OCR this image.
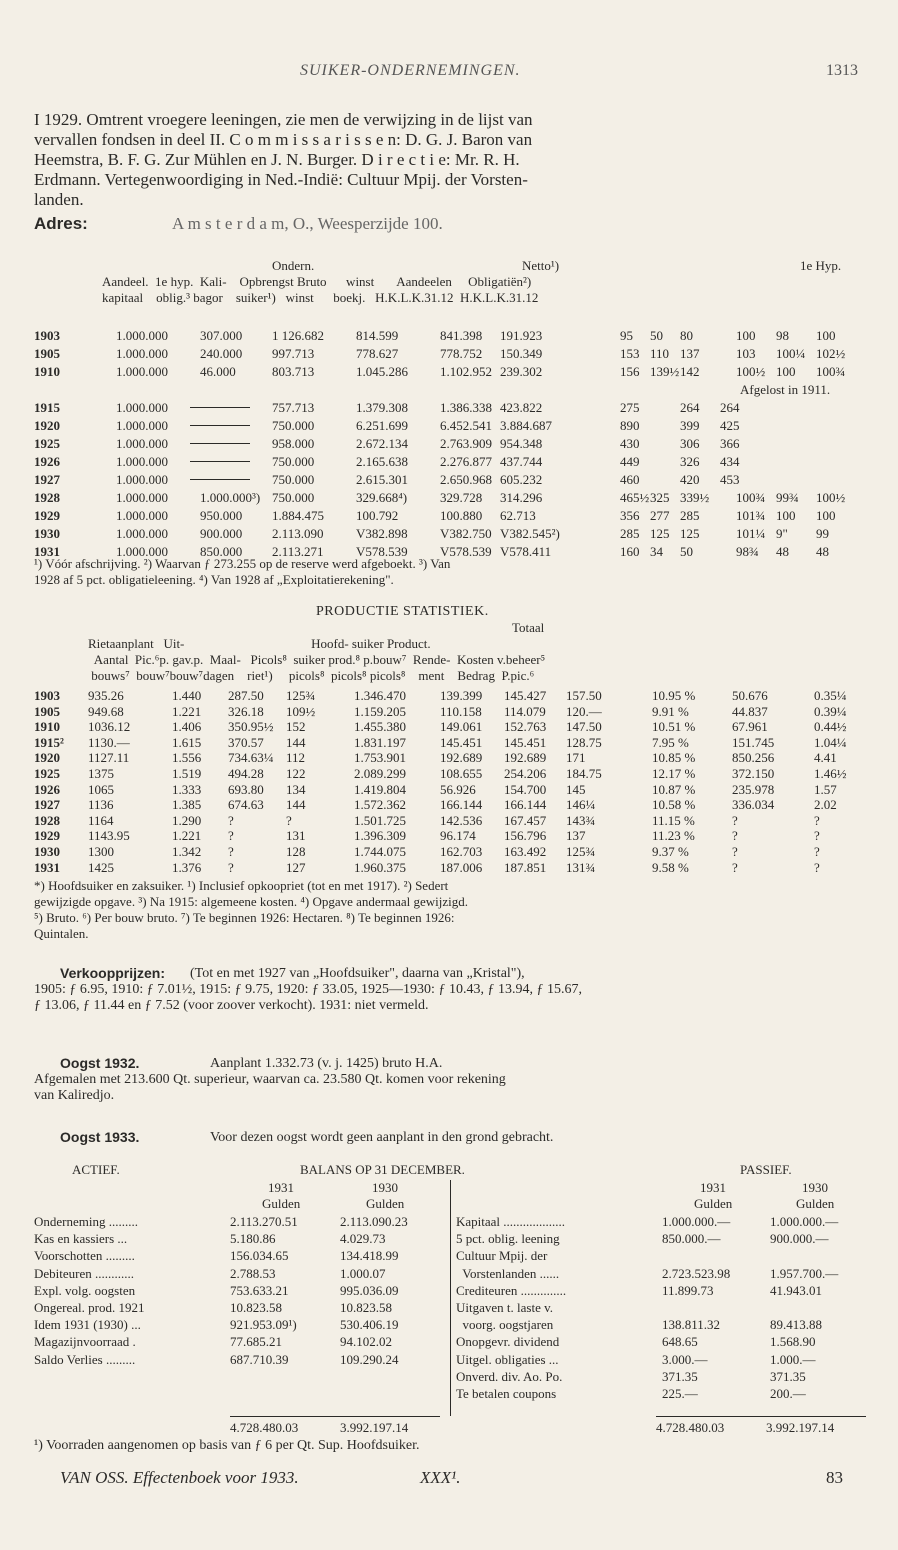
SUIKER-ONDERNEMINGEN.	1313
I 1929. Omtrent vroegere leeningen, zie men de verwijzing in de lijst van
vervallen fondsen in deel II. C o m m i s s a r i s s e n: D. G. J. Baron van
Heemstra, B. F. G. Zur Mühlen en J. N. Burger. D i r e c t i e: Mr. R. H.
Erdmann. Vertegenwoordiging in Ned.-Indië: Cultuur Mpij. der Vorsten-
landen.
Adres:	A m s t e r d a m, O., Weesperzijde 100.
Ondern.	Netto¹)	1e Hyp.
Aandeel.  1e hyp.  Kali-    Opbrengst Bruto      winst       Aandeelen     Obligatiën²)
kapitaal    oblig.³ bagor    suiker¹)   winst      boekj.   H.K.L.K.31.12  H.K.L.K.31.12
1903	1.000.000 307.000 1 126.682 814.599	841.398 191.923	95 50 80	100 98 100
1905	1.000.000 240.000 997.713	778.627	778.752 150.349	153 110 137	103 100¼ 102½
1910	1.000.000 46.000	803.713	1.045.286 1.102.952 239.302	156 139½ 142	100½ 100 100¾
1915	1.000.000	757.713	1.379.308 1.386.338 423.822	275	264 264
1920	1.000.000	750.000	6.251.699 6.452.541 3.884.687	890	399 425
1925	1.000.000	958.000	2.672.134 2.763.909 954.348	430	306 366
1926	1.000.000	750.000	2.165.638 2.276.877 437.744	449	326 434
1927	1.000.000	750.000	2.615.301 2.650.968 605.232	460	420 453
1928	1.000.000 1.000.000³) 750.000	329.668⁴)	329.728 314.296	465½ 325 339½ 100¾ 99¾ 100½
1929	1.000.000 950.000 1.884.475 100.792	100.880 62.713	356 277 285	101¾ 100 100
1930	1.000.000 900.000 2.113.090 V382.898 V382.750 V382.545²)	285 125 125	101¼ 9" 99
1931	1.000.000 850.000 2.113.271 V578.539 V578.539 V578.411	160 34 50	98¾ 48 48
Afgelost in 1911.
¹) Vóór afschrijving. ²) Waarvan ƒ 273.255 op de reserve werd afgeboekt. ³) Van
1928 af 5 pct. obligatieleening. ⁴) Van 1928 af „Exploitatierekening".
PRODUCTIE STATISTIEK.
Totaal
Rietaanplant   Uit-                                       Hoofd- suiker Product.
Aantal  Pic.⁶p. gav.p.  Maal-   Picols⁸  suiker prod.⁸ p.bouw⁷  Rende-  Kosten v.beheer⁵
bouws⁷  bouw⁷bouw⁷dagen    riet¹)     picols⁸  picols⁸ picols⁸    ment    Bedrag  P.pic.⁶
1903 935.26	1.440 287.50 125¾	1.346.470	139.399 145.427 157.50	10.95 %	50.676	0.35¼
1905 949.68	1.221 326.18 109½	1.159.205	110.158 114.079 120.—	9.91 %	44.837	0.39¼
1910 1036.12	1.406 350.95½ 152	1.455.380	149.061 152.763 147.50	10.51 %	67.961	0.44½
1915² 1130.—	1.615 370.57 144	1.831.197	145.451 145.451 128.75	7.95 %	151.745	1.04¼
1920 1127.11	1.556 734.63¼ 112	1.753.901	192.689 192.689 171	10.85 %	850.256	4.41
1925 1375	1.519 494.28 122	2.089.299	108.655 254.206 184.75	12.17 %	372.150	1.46½
1926 1065	1.333 693.80 134	1.419.804	56.926 154.700 145	10.87 %	235.978	1.57
1927 1136	1.385 674.63 144	1.572.362	166.144 166.144 146¼	10.58 %	336.034	2.02
1928 1164	1.290 ?	?	1.501.725	142.536 167.457 143¾	11.15 %	?	?
1929 1143.95	1.221 ?	131	1.396.309	96.174 156.796 137	11.23 %	?	?
1930 1300	1.342 ?	128	1.744.075	162.703 163.492 125¾	9.37 %	?	?
1931 1425	1.376 ?	127	1.960.375	187.006 187.851 131¾	9.58 %	?	?
*) Hoofdsuiker en zaksuiker. ¹) Inclusief opkoopriet (tot en met 1917). ²) Sedert
gewijzigde opgave. ³) Na 1915: algemeene kosten. ⁴) Opgave andermaal gewijzigd.
⁵) Bruto. ⁶) Per bouw bruto. ⁷) Te beginnen 1926: Hectaren. ⁸) Te beginnen 1926:
Quintalen.
Verkoopprijzen: (Tot en met 1927 van „Hoofdsuiker", daarna van „Kristal"),
1905: ƒ 6.95, 1910: ƒ 7.01½, 1915: ƒ 9.75, 1920: ƒ 33.05, 1925—1930: ƒ 10.43, ƒ 13.94, ƒ 15.67,
ƒ 13.06, ƒ 11.44 en ƒ 7.52 (voor zoover verkocht). 1931: niet vermeld.
Oogst 1932.	Aanplant 1.332.73 (v. j. 1425) bruto H.A.
Afgemalen met 213.600 Qt. superieur, waarvan ca. 23.580 Qt. komen voor rekening
van Kaliredjo.
Oogst 1933.	Voor dezen oogst wordt geen aanplant in den grond gebracht.
ACTIEF.	BALANS OP 31 DECEMBER.	PASSIEF.
1931	1930
Gulden	Gulden
1931	1930
Gulden	Gulden
Onderneming .........	2.113.270.51	2.113.090.23
Kas en kassiers ...	5.180.86	4.029.73
Voorschotten .........	156.034.65	134.418.99
Debiteuren ............	2.788.53	1.000.07
Expl. volg. oogsten	753.633.21	995.036.09
Ongereal. prod. 1921	10.823.58	10.823.58
Idem 1931 (1930) ...	921.953.09¹)	530.406.19
Magazijnvoorraad .	77.685.21	94.102.02
Saldo Verlies .........	687.710.39	109.290.24
Kapitaal ...................	1.000.000.—	1.000.000.—
5 pct. oblig. leening	850.000.—	900.000.—
Cultuur Mpij. der
Vorstenlanden ......	2.723.523.98	1.957.700.—
Crediteuren ..............	11.899.73	41.943.01
Uitgaven t. laste v.
voorg. oogstjaren	138.811.32	89.413.88
Onopgevr. dividend	648.65	1.568.90
Uitgel. obligaties ...	3.000.—	1.000.—
Onverd. div. Ao. Po.	371.35	371.35
Te betalen coupons	225.—	200.—
4.728.480.03	3.992.197.14	4.728.480.03	3.992.197.14
¹) Voorraden aangenomen op basis van ƒ 6 per Qt. Sup. Hoofdsuiker.
VAN OSS. Effectenboek voor 1933.	XXX¹.	83
